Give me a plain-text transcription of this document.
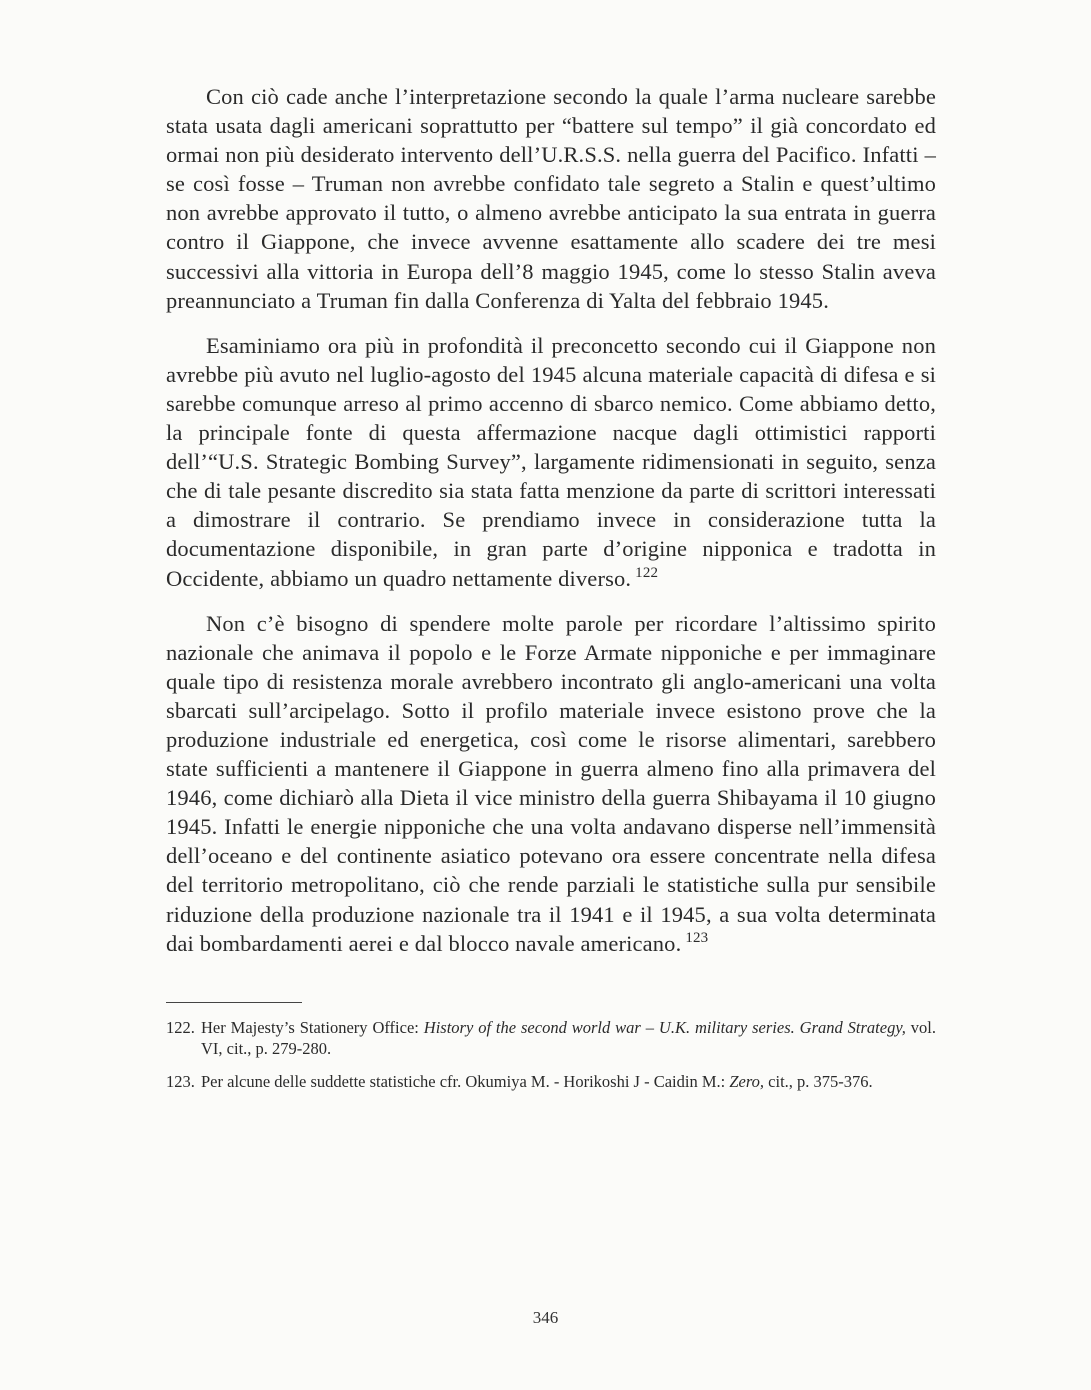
Con ciò cade anche l’interpretazione secondo la quale l’arma nucleare sarebbe stata usata dagli americani soprattutto per “battere sul tempo” il già concordato ed ormai non più desiderato intervento dell’U.R.S.S. nella guerra del Pacifico. Infatti – se così fosse – Truman non avrebbe confidato tale segreto a Stalin e quest’ultimo non avrebbe approvato il tutto, o almeno avrebbe anticipato la sua entrata in guerra contro il Giappone, che invece avvenne esattamente allo scadere dei tre mesi successivi alla vittoria in Europa dell’8 maggio 1945, come lo stesso Stalin aveva preannunciato a Truman fin dalla Conferenza di Yalta del febbraio 1945.

Esaminiamo ora più in profondità il preconcetto secondo cui il Giappone non avrebbe più avuto nel luglio-agosto del 1945 alcuna materiale capacità di difesa e si sarebbe comunque arreso al primo accenno di sbarco nemico. Come abbiamo detto, la principale fonte di questa affermazione nacque dagli ottimistici rapporti dell’“U.S. Strategic Bombing Survey”, largamente ridimensionati in seguito, senza che di tale pesante discredito sia stata fatta menzione da parte di scrittori interessati a dimostrare il contrario. Se prendiamo invece in considerazione tutta la documentazione disponibile, in gran parte d’origine nipponica e tradotta in Occidente, abbiamo un quadro nettamente diverso. $^{122}$

Non c’è bisogno di spendere molte parole per ricordare l’altissimo spirito nazionale che animava il popolo e le Forze Armate nipponiche e per immaginare quale tipo di resistenza morale avrebbero incontrato gli anglo-americani una volta sbarcati sull’arcipelago. Sotto il profilo materiale invece esistono prove che la produzione industriale ed energetica, così come le risorse alimentari, sarebbero state sufficienti a mantenere il Giappone in guerra almeno fino alla primavera del 1946, come dichiarò alla Dieta il vice ministro della guerra Shibayama il 10 giugno 1945. Infatti le energie nipponiche che una volta andavano disperse nell’immensità dell’oceano e del continente asiatico potevano ora essere concentrate nella difesa del territorio metropolitano, ciò che rende parziali le statistiche sulla pur sensibile riduzione della produzione nazionale tra il 1941 e il 1945, a sua volta determinata dai bombardamenti aerei e dal blocco navale americano. $^{123}$

122. Her Majesty’s Stationery Office: History of the second world war – U.K. military series. Grand Strategy, vol. VI, cit., p. 279-280.
123. Per alcune delle suddette statistiche cfr. Okumiya M. - Horikoshi J - Caidin M.: Zero, cit., p. 375-376.
346
